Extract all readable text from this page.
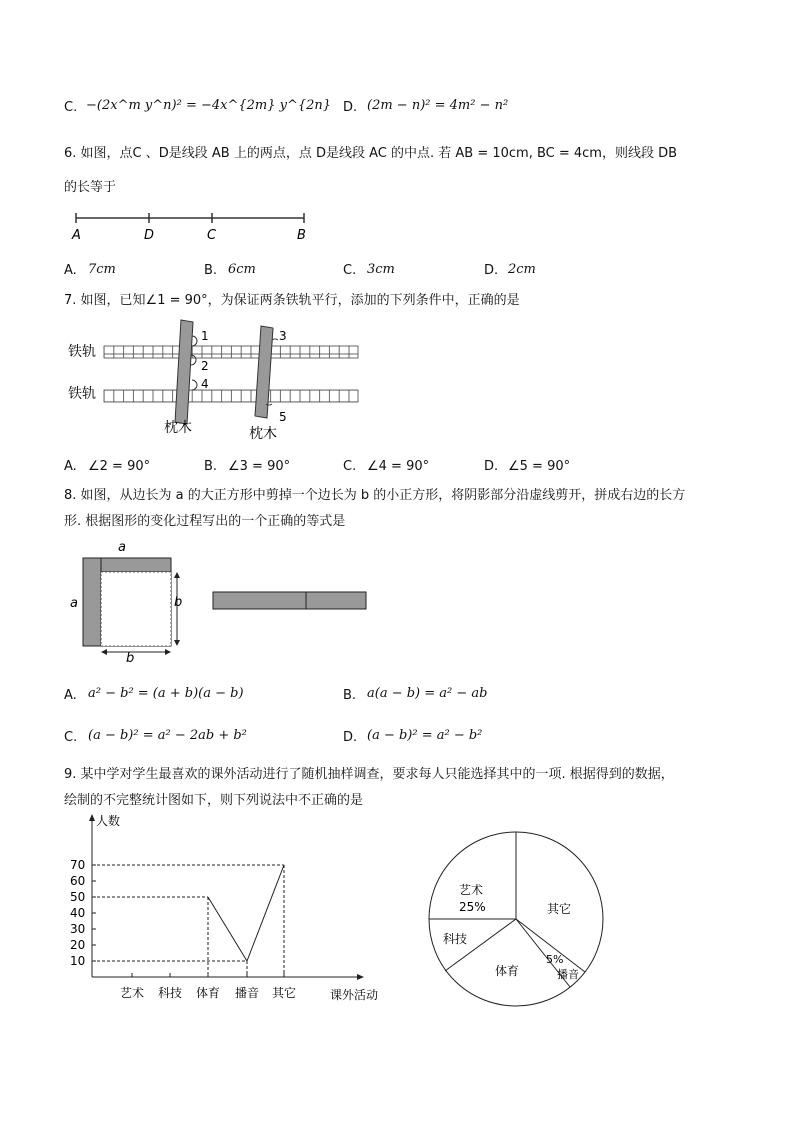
C. −(2x^m y^n)² = −4x^{2m} y^{2n} D. (2m − n)² = 4m² − n²
6. 如图，点C 、D是线段 AB 上的两点，点 D是线段 AC 的中点. 若 AB = 10cm, BC = 4cm，则线段 DB
的长等于
A	D	C	B
A. 7cm	B. 6cm	C. 3cm	D. 2cm
7. 如图，已知∠1 = 90°，为保证两条铁轨平行，添加的下列条件中，正确的是
铁轨
铁轨
1
2
3
4
5
枕木	枕木
A. ∠2 = 90°	B. ∠3 = 90°	C. ∠4 = 90°	D. ∠5 = 90°
8. 如图，从边长为 a 的大正方形中剪掉一个边长为 b 的小正方形，将阴影部分沿虚线剪开，拼成右边的长方
形. 根据图形的变化过程写出的一个正确的等式是
a
a	b
b
A. a² − b² = (a + b)(a − b)	B. a(a − b) = a² − ab
C. (a − b)² = a² − 2ab + b²	D. (a − b)² = a² − b²
9. 某中学对学生最喜欢的课外活动进行了随机抽样调查，要求每人只能选择其中的一项. 根据得到的数据，
绘制的不完整统计图如下，则下列说法中不正确的是
人数
课外活动
10
20
30
40
50
60
70
艺术 科技 体育 播音 其它
艺术
25%	其它
5%
播音
体育
科技
